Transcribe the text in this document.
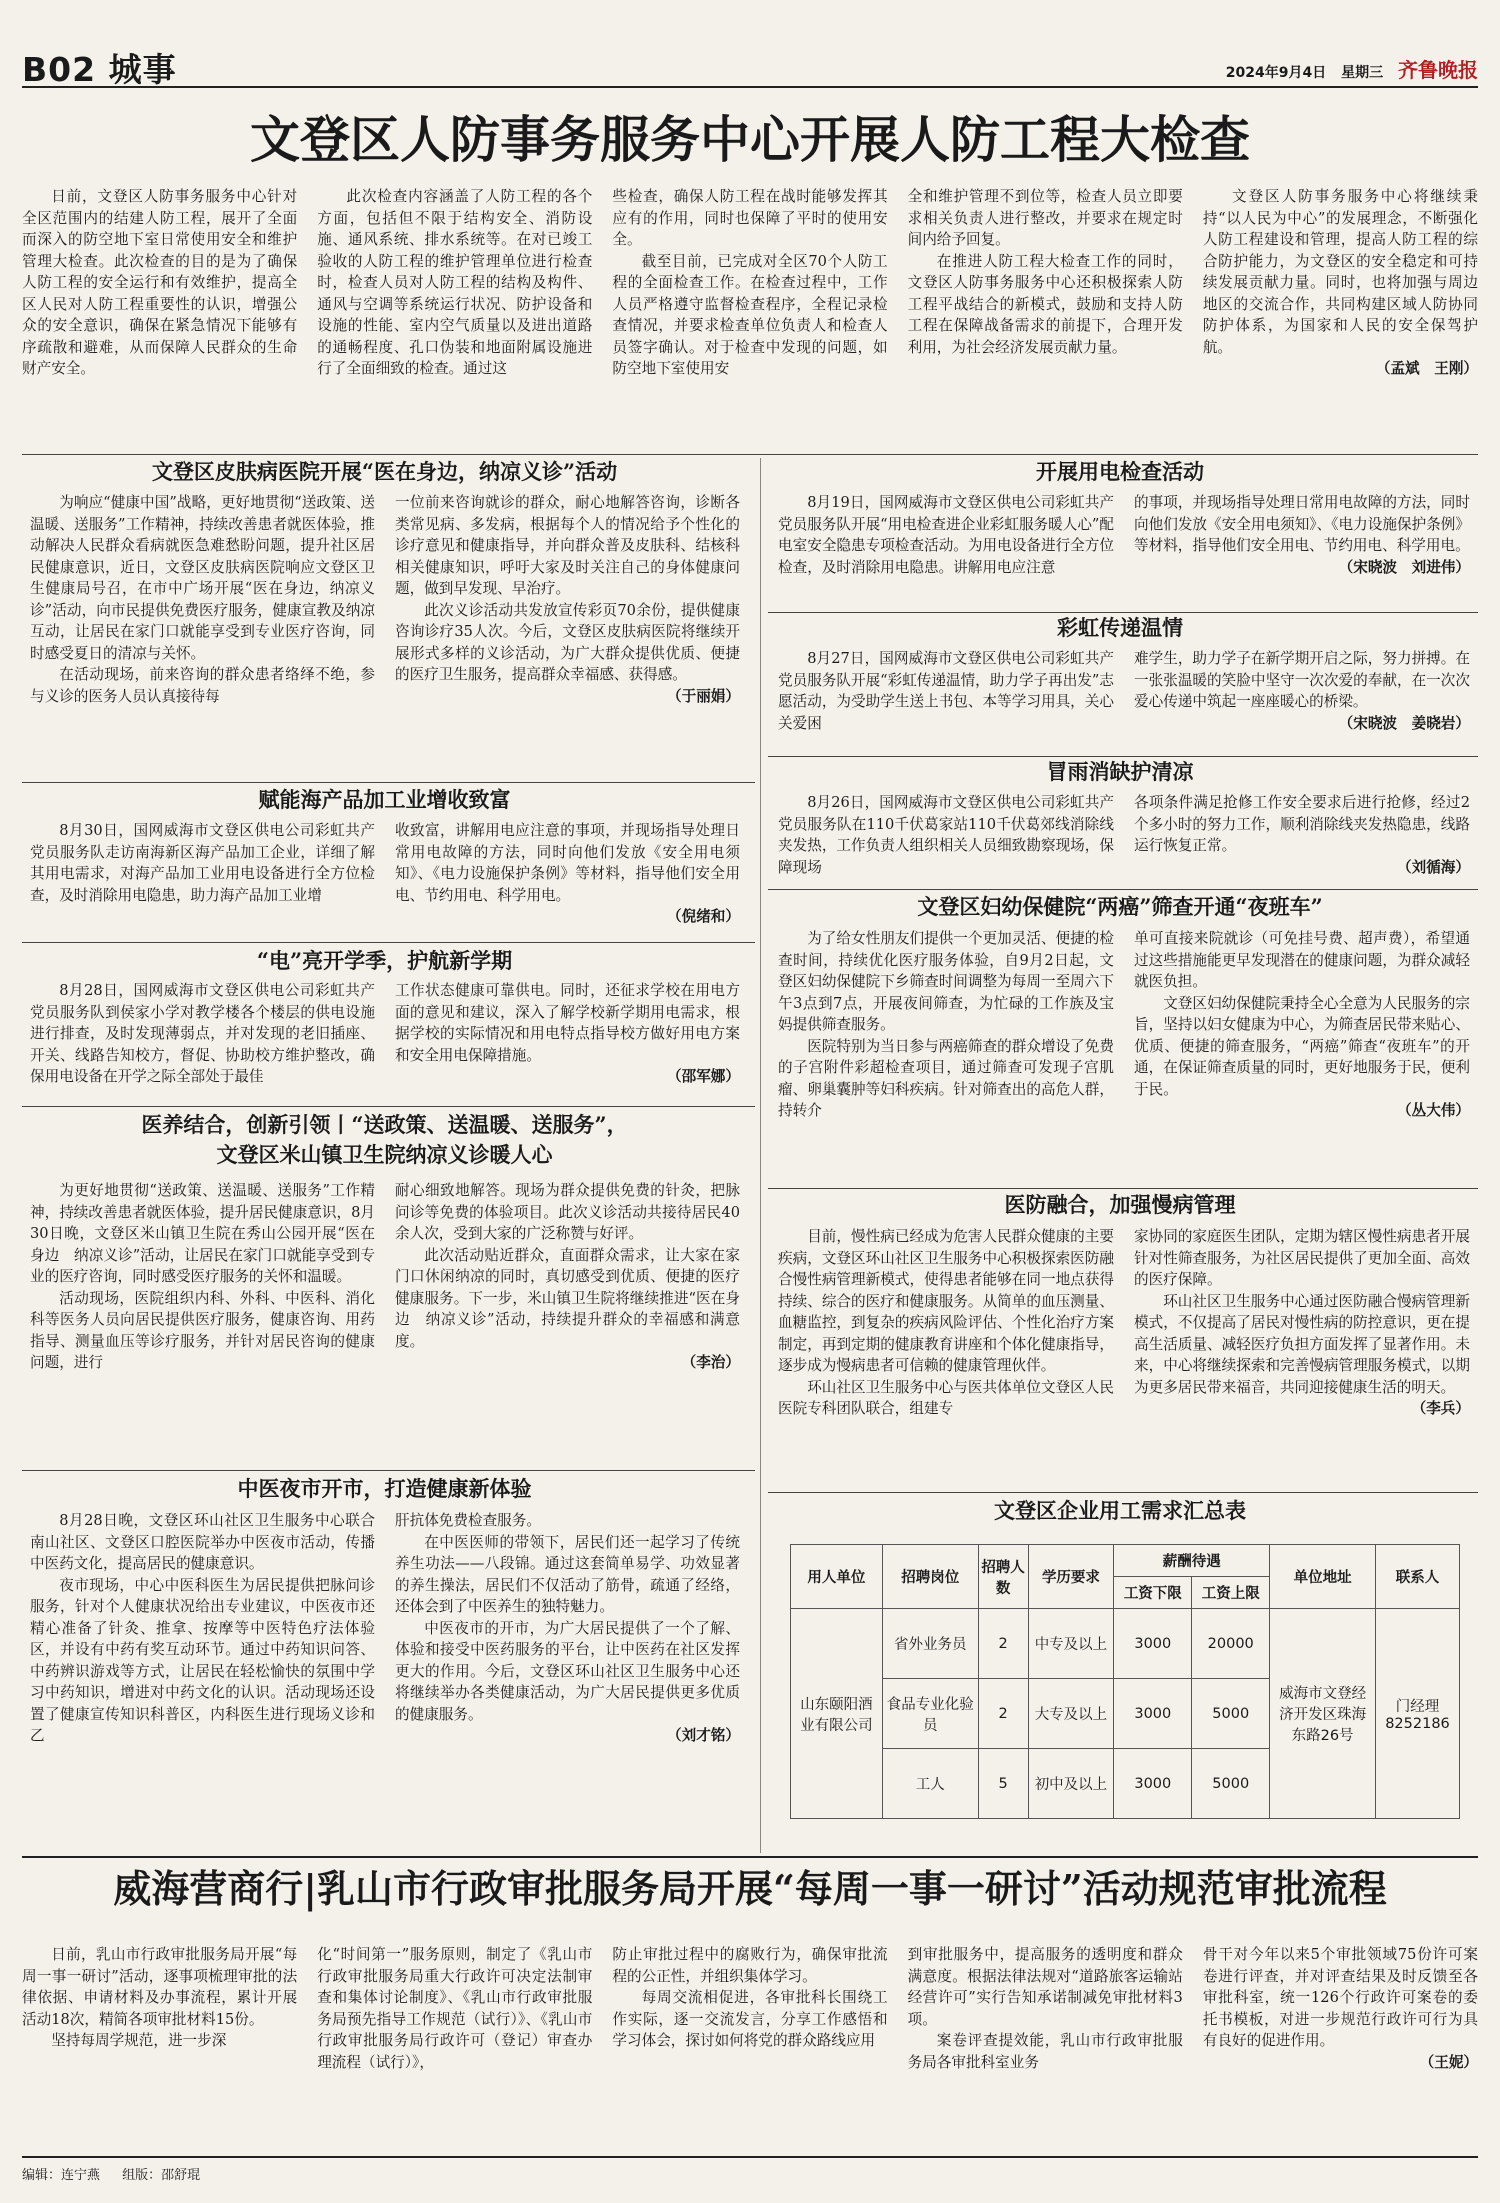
B02 城事	2024年9月4日 星期三 齐鲁晚报
文登区人防事务服务中心开展人防工程大检查

日前，文登区人防事务服务中心针对全区范围内的结建人防工程，展开了全面而深入的防空地下室日常使用安全和维护管理大检查。此次检查的目的是为了确保人防工程的安全运行和有效维护，提高全区人民对人防工程重要性的认识，增强公众的安全意识，确保在紧急情况下能够有序疏散和避难，从而保障人民群众的生命财产安全。

此次检查内容涵盖了人防工程的各个方面，包括但不限于结构安全、消防设施、通风系统、排水系统等。在对已竣工验收的人防工程的维护管理单位进行检查时，检查人员对人防工程的结构及构件、通风与空调等系统运行状况、防护设备和设施的性能、室内空气质量以及进出道路的通畅程度、孔口伪装和地面附属设施进行了全面细致的检查。通过这

些检查，确保人防工程在战时能够发挥其应有的作用，同时也保障了平时的使用安全。

截至目前，已完成对全区70个人防工程的全面检查工作。在检查过程中，工作人员严格遵守监督检查程序，全程记录检查情况，并要求检查单位负责人和检查人员签字确认。对于检查中发现的问题，如防空地下室使用安

全和维护管理不到位等，检查人员立即要求相关负责人进行整改，并要求在规定时间内给予回复。

在推进人防工程大检查工作的同时，文登区人防事务服务中心还积极探索人防工程平战结合的新模式，鼓励和支持人防工程在保障战备需求的前提下，合理开发利用，为社会经济发展贡献力量。

文登区人防事务服务中心将继续秉持“以人民为中心”的发展理念，不断强化人防工程建设和管理，提高人防工程的综合防护能力，为文登区的安全稳定和可持续发展贡献力量。同时，也将加强与周边地区的交流合作，共同构建区域人防协同防护体系，为国家和人民的安全保驾护航。

（孟斌　王刚）

文登区皮肤病医院开展“医在身边，纳凉义诊”活动

为响应“健康中国”战略，更好地贯彻“送政策、送温暖、送服务”工作精神，持续改善患者就医体验，推动解决人民群众看病就医急难愁盼问题，提升社区居民健康意识，近日，文登区皮肤病医院响应文登区卫生健康局号召，在市中广场开展“医在身边，纳凉义诊”活动，向市民提供免费医疗服务，健康宣教及纳凉互动，让居民在家门口就能享受到专业医疗咨询，同时感受夏日的清凉与关怀。

在活动现场，前来咨询的群众患者络绎不绝，参与义诊的医务人员认真接待每

一位前来咨询就诊的群众，耐心地解答咨询，诊断各类常见病、多发病，根据每个人的情况给予个性化的诊疗意见和健康指导，并向群众普及皮肤科、结核科相关健康知识，呼吁大家及时关注自己的身体健康问题，做到早发现、早治疗。

此次义诊活动共发放宣传彩页70余份，提供健康咨询诊疗35人次。今后，文登区皮肤病医院将继续开展形式多样的义诊活动，为广大群众提供优质、便捷的医疗卫生服务，提高群众幸福感、获得感。

（于丽娟）

赋能海产品加工业增收致富

8月30日，国网威海市文登区供电公司彩虹共产党员服务队走访南海新区海产品加工企业，详细了解其用电需求，对海产品加工业用电设备进行全方位检查，及时消除用电隐患，助力海产品加工业增

收致富，讲解用电应注意的事项，并现场指导处理日常用电故障的方法，同时向他们发放《安全用电须知》、《电力设施保护条例》等材料，指导他们安全用电、节约用电、科学用电。

（倪绪和）

“电”亮开学季，护航新学期

8月28日，国网威海市文登区供电公司彩虹共产党员服务队到侯家小学对教学楼各个楼层的供电设施进行排查，及时发现薄弱点，并对发现的老旧插座、开关、线路告知校方，督促、协助校方维护整改，确保用电设备在开学之际全部处于最佳

工作状态健康可靠供电。同时，还征求学校在用电方面的意见和建议，深入了解学校新学期用电需求，根据学校的实际情况和用电特点指导校方做好用电方案和安全用电保障措施。

（邵军娜）

医养结合，创新引领丨“送政策、送温暖、送服务”，
文登区米山镇卫生院纳凉义诊暖人心

为更好地贯彻“送政策、送温暖、送服务”工作精神，持续改善患者就医体验，提升居民健康意识，8月30日晚，文登区米山镇卫生院在秀山公园开展“医在身边　纳凉义诊”活动，让居民在家门口就能享受到专业的医疗咨询，同时感受医疗服务的关怀和温暖。

活动现场，医院组织内科、外科、中医科、消化科等医务人员向居民提供医疗服务，健康咨询、用药指导、测量血压等诊疗服务，并针对居民咨询的健康问题，进行

耐心细致地解答。现场为群众提供免费的针灸，把脉问诊等免费的体验项目。此次义诊活动共接待居民40余人次，受到大家的广泛称赞与好评。

此次活动贴近群众，直面群众需求，让大家在家门口休闲纳凉的同时，真切感受到优质、便捷的医疗健康服务。下一步，米山镇卫生院将继续推进“医在身边　纳凉义诊”活动，持续提升群众的幸福感和满意度。

（李治）

中医夜市开市，打造健康新体验

8月28日晚，文登区环山社区卫生服务中心联合南山社区、文登区口腔医院举办中医夜市活动，传播中医药文化，提高居民的健康意识。

夜市现场，中心中医科医生为居民提供把脉问诊服务，针对个人健康状况给出专业建议，中医夜市还精心准备了针灸、推拿、按摩等中医特色疗法体验区，并设有中药有奖互动环节。通过中药知识问答、中药辨识游戏等方式，让居民在轻松愉快的氛围中学习中药知识，增进对中药文化的认识。活动现场还设置了健康宣传知识科普区，内科医生进行现场义诊和乙

肝抗体免费检查服务。

在中医医师的带领下，居民们还一起学习了传统养生功法——八段锦。通过这套简单易学、功效显著的养生操法，居民们不仅活动了筋骨，疏通了经络，还体会到了中医养生的独特魅力。

中医夜市的开市，为广大居民提供了一个了解、体验和接受中医药服务的平台，让中医药在社区发挥更大的作用。今后，文登区环山社区卫生服务中心还将继续举办各类健康活动，为广大居民提供更多优质的健康服务。

（刘才铭）

开展用电检查活动

8月19日，国网威海市文登区供电公司彩虹共产党员服务队开展“用电检查进企业彩虹服务暖人心”配电室安全隐患专项检查活动。为用电设备进行全方位检查，及时消除用电隐患。讲解用电应注意

的事项，并现场指导处理日常用电故障的方法，同时向他们发放《安全用电须知》、《电力设施保护条例》等材料，指导他们安全用电、节约用电、科学用电。

（宋晓波　刘进伟）

彩虹传递温情

8月27日，国网威海市文登区供电公司彩虹共产党员服务队开展“彩虹传递温情，助力学子再出发”志愿活动，为受助学生送上书包、本等学习用具，关心关爱困

难学生，助力学子在新学期开启之际，努力拼搏。在一张张温暖的笑脸中坚守一次次爱的奉献，在一次次爱心传递中筑起一座座暖心的桥梁。

（宋晓波　姜晓岩）

冒雨消缺护清凉

8月26日，国网威海市文登区供电公司彩虹共产党员服务队在110千伏葛家站110千伏葛郊线消除线夹发热，工作负责人组织相关人员细致勘察现场，保障现场

各项条件满足抢修工作安全要求后进行抢修，经过2个多小时的努力工作，顺利消除线夹发热隐患，线路运行恢复正常。

（刘循海）

文登区妇幼保健院“两癌”筛查开通“夜班车”

为了给女性朋友们提供一个更加灵活、便捷的检查时间，持续优化医疗服务体验，自9月2日起，文登区妇幼保健院下乡筛查时间调整为每周一至周六下午3点到7点，开展夜间筛查，为忙碌的工作族及宝妈提供筛查服务。

医院特别为当日参与两癌筛查的群众增设了免费的子宫附件彩超检查项目，通过筛查可发现子宫肌瘤、卵巢囊肿等妇科疾病。针对筛查出的高危人群，持转介

单可直接来院就诊（可免挂号费、超声费），希望通过这些措施能更早发现潜在的健康问题，为群众减轻就医负担。

文登区妇幼保健院秉持全心全意为人民服务的宗旨，坚持以妇女健康为中心，为筛查居民带来贴心、优质、便捷的筛查服务，“两癌”筛查“夜班车”的开通，在保证筛查质量的同时，更好地服务于民，便利于民。

（丛大伟）

医防融合，加强慢病管理

目前，慢性病已经成为危害人民群众健康的主要疾病，文登区环山社区卫生服务中心积极探索医防融合慢性病管理新模式，使得患者能够在同一地点获得持续、综合的医疗和健康服务。从简单的血压测量、血糖监控，到复杂的疾病风险评估、个性化治疗方案制定，再到定期的健康教育讲座和个体化健康指导，逐步成为慢病患者可信赖的健康管理伙伴。

环山社区卫生服务中心与医共体单位文登区人民医院专科团队联合，组建专

家协同的家庭医生团队，定期为辖区慢性病患者开展针对性筛查服务，为社区居民提供了更加全面、高效的医疗保障。

环山社区卫生服务中心通过医防融合慢病管理新模式，不仅提高了居民对慢性病的防控意识，更在提高生活质量、减轻医疗负担方面发挥了显著作用。未来，中心将继续探索和完善慢病管理服务模式，以期为更多居民带来福音，共同迎接健康生活的明天。

（李兵）

文登区企业用工需求汇总表
用人单位	招聘岗位	招聘人数	学历要求	薪酬待遇		单位地址	联系人
				工资下限	工资上限		
山东颐阳酒业有限公司	省外业务员	2	中专及以上	3000	20000	威海市文登经济开发区珠海东路26号	门经理8252186
	食品专业化验员	2	大专及以上	3000	5000		
	工人	5	初中及以上	3000	5000		
威海营商行|乳山市行政审批服务局开展“每周一事一研讨”活动规范审批流程

日前，乳山市行政审批服务局开展“每周一事一研讨”活动，逐事项梳理审批的法律依据、申请材料及办事流程，累计开展活动18次，精简各项审批材料15份。

坚持每周学规范，进一步深

化“时间第一”服务原则，制定了《乳山市行政审批服务局重大行政许可决定法制审查和集体讨论制度》、《乳山市行政审批服务局预先指导工作规范（试行）》、《乳山市行政审批服务局行政许可（登记）审查办理流程（试行）》，

防止审批过程中的腐败行为，确保审批流程的公正性，并组织集体学习。

每周交流相促进，各审批科长围绕工作实际，逐一交流发言，分享工作感悟和学习体会，探讨如何将党的群众路线应用

到审批服务中，提高服务的透明度和群众满意度。根据法律法规对“道路旅客运输站经营许可”实行告知承诺制减免审批材料3项。

案卷评查提效能，乳山市行政审批服务局各审批科室业务

骨干对今年以来5个审批领域75份许可案卷进行评查，并对评查结果及时反馈至各审批科室，统一126个行政许可案卷的委托书模板，对进一步规范行政许可行为具有良好的促进作用。

（王妮）

编辑：连宁燕 组版：邵舒琨
